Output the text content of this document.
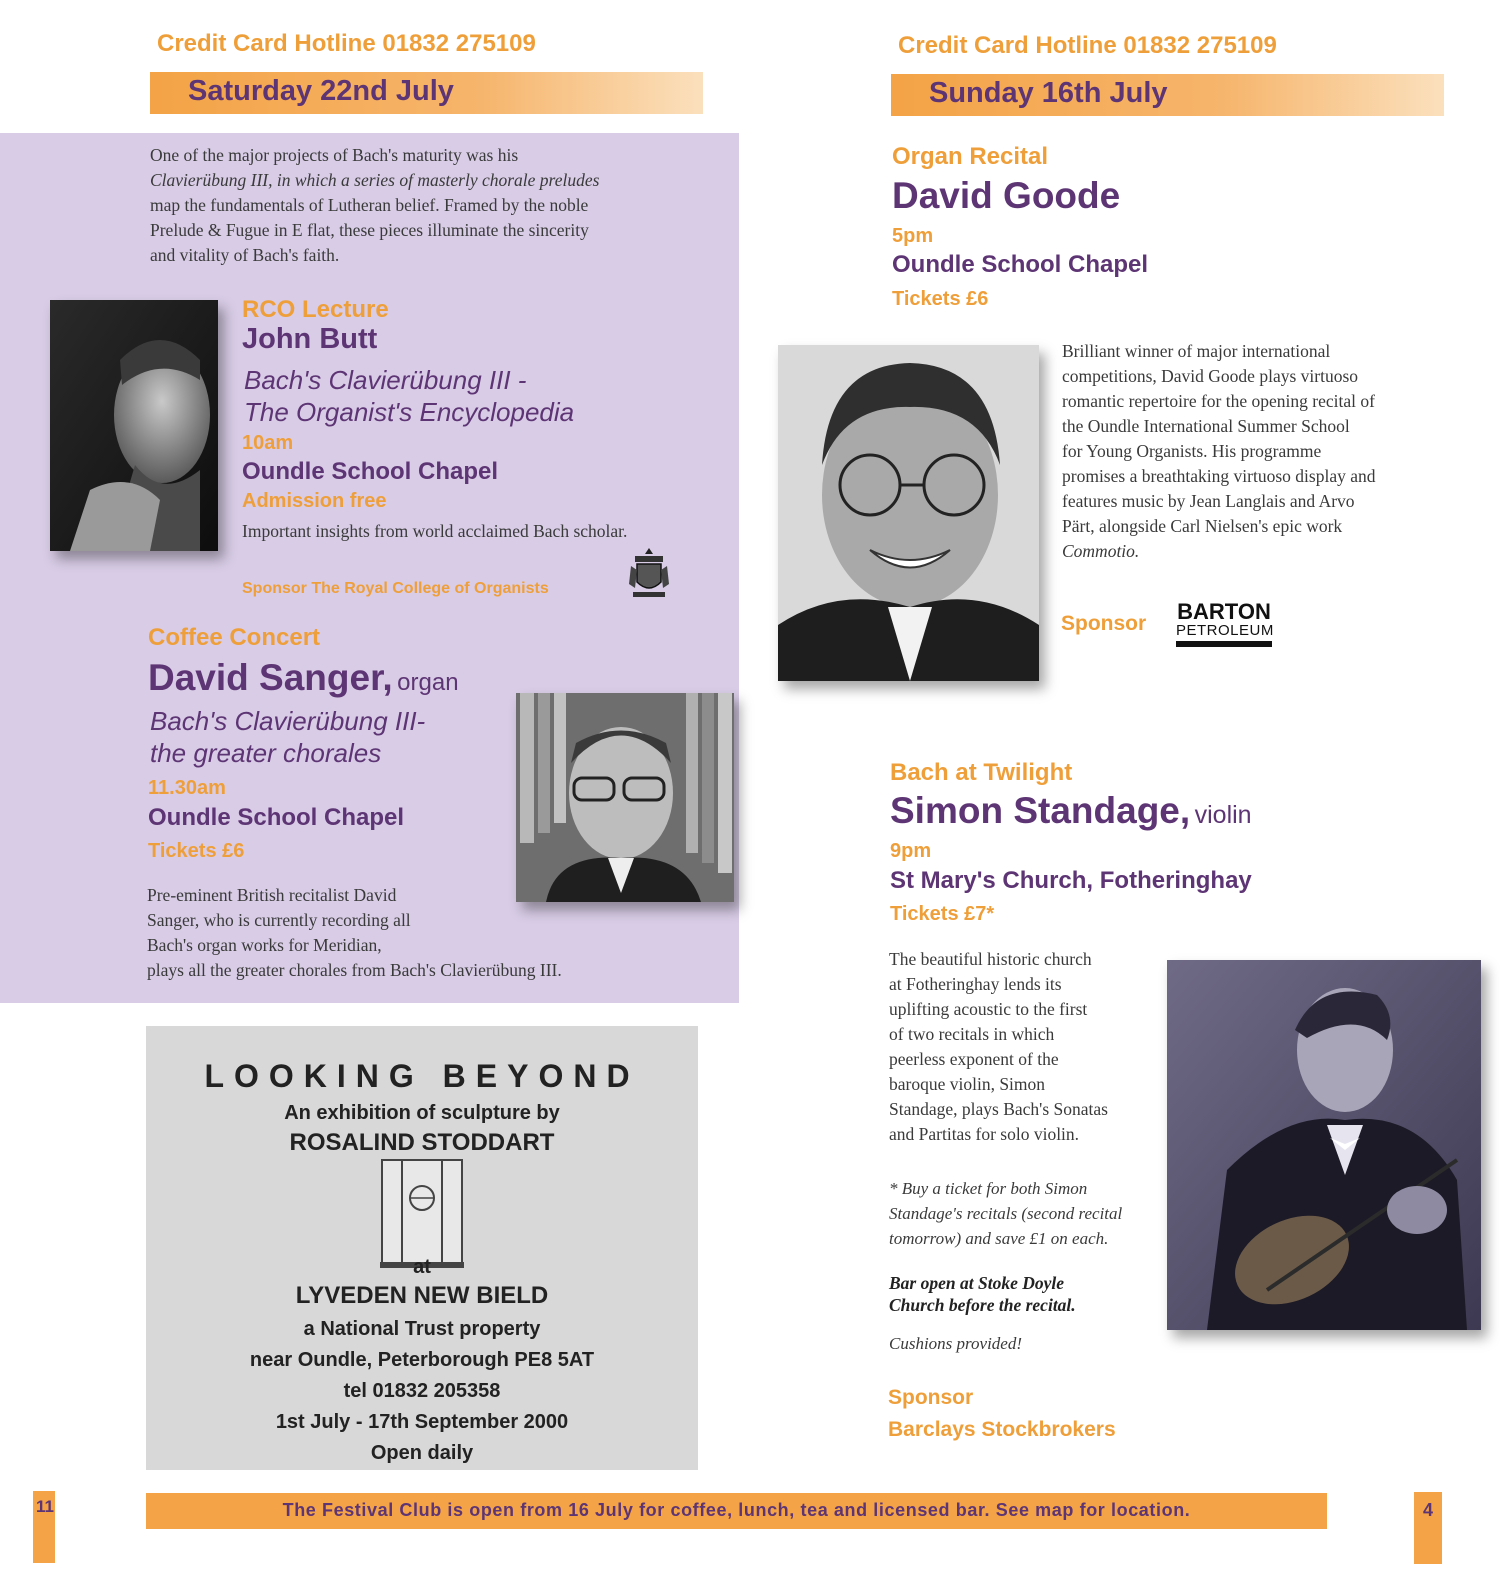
Credit Card Hotline 01832 275109
Saturday 22nd July
One of the major projects of Bach's maturity was his
Clavierübung III, in which a series of masterly chorale preludes
map the fundamentals of Lutheran belief. Framed by the noble
Prelude & Fugue in E flat, these pieces illuminate the sincerity
and vitality of Bach's faith.
RCO Lecture
John Butt
Bach's Clavierübung III -
The Organist's Encyclopedia
10am
Oundle School Chapel
Admission free
Important insights from world acclaimed Bach scholar.
Sponsor The Royal College of Organists
Coffee Concert
David Sanger, organ
Bach's Clavierübung III-
the greater chorales
11.30am
Oundle School Chapel
Tickets £6
Pre-eminent British recitalist David
Sanger, who is currently recording all
Bach's organ works for Meridian,
plays all the greater chorales from Bach's Clavierübung III.
LOOKING BEYOND
An exhibition of sculpture by
ROSALIND STODDART
at
LYVEDEN NEW BIELD
a National Trust property
near Oundle, Peterborough PE8 5AT
tel 01832 205358
1st July - 17th September 2000
Open daily
Credit Card Hotline 01832 275109
Sunday 16th July
Organ Recital
David Goode
5pm
Oundle School Chapel
Tickets £6
Brilliant winner of major international
competitions, David Goode plays virtuoso
romantic repertoire for the opening recital of
the Oundle International Summer School
for Young Organists. His programme
promises a breathtaking virtuoso display and
features music by Jean Langlais and Arvo
Pärt, alongside Carl Nielsen's epic work
Commotio.
Sponsor BARTON
PETROLEUM
Bach at Twilight
Simon Standage, violin
9pm
St Mary's Church, Fotheringhay
Tickets £7*
The beautiful historic church
at Fotheringhay lends its
uplifting acoustic to the first
of two recitals in which
peerless exponent of the
baroque violin, Simon
Standage, plays Bach's Sonatas
and Partitas for solo violin.
* Buy a ticket for both Simon
Standage's recitals (second recital
tomorrow) and save £1 on each.
Bar open at Stoke Doyle
Church before the recital.
Cushions provided!
Sponsor
Barclays Stockbrokers
11	The Festival Club is open from 16 July for coffee, lunch, tea and licensed bar. See map for location.	4
